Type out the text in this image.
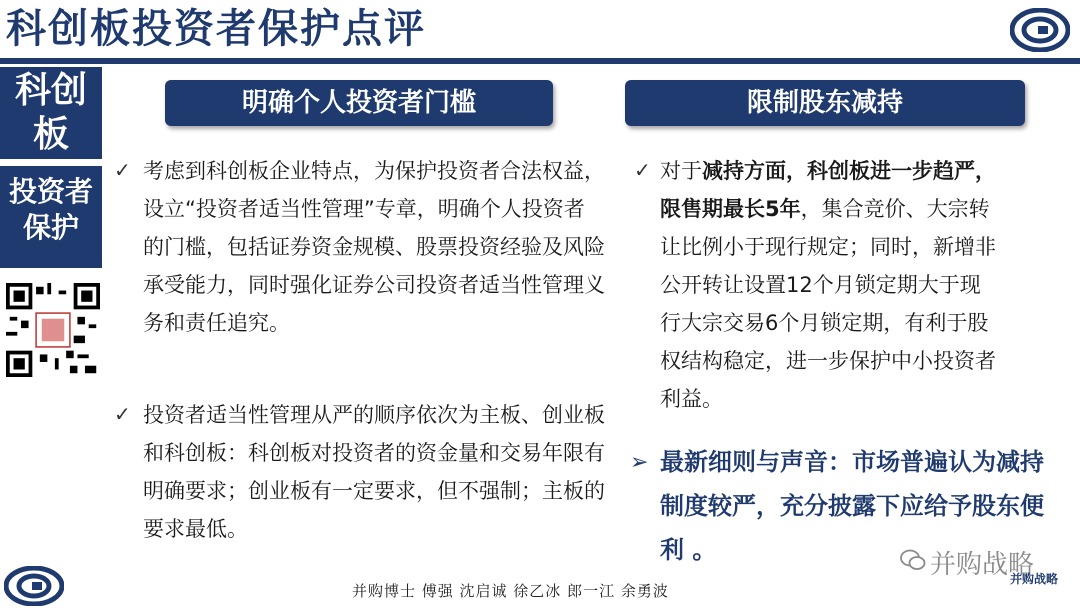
科创板投资者保护点评
科创板
投资者保护
明确个人投资者门槛	限制股东减持
✓ 考虑到科创板企业特点，为保护投资者合法权益，设立“投资者适当性管理”专章，明确个人投资者的门槛，包括证券资金规模、股票投资经验及风险承受能力，同时强化证券公司投资者适当性管理义务和责任追究。
✓ 投资者适当性管理从严的顺序依次为主板、创业板和科创板：科创板对投资者的资金量和交易年限有明确要求；创业板有一定要求，但不强制；主板的要求最低。
✓ 对于减持方面，科创板进一步趋严，限售期最长5年，集合竞价、大宗转让比例小于现行规定；同时，新增非公开转让设置12个月锁定期大于现行大宗交易6个月锁定期，有利于股权结构稳定，进一步保护中小投资者利益。
➢ 最新细则与声音：市场普遍认为减持制度较严，充分披露下应给予股东便利 。
并购博士 傅强 沈启诚 徐乙冰 郎一江 余勇波
并购战略
并购战略
